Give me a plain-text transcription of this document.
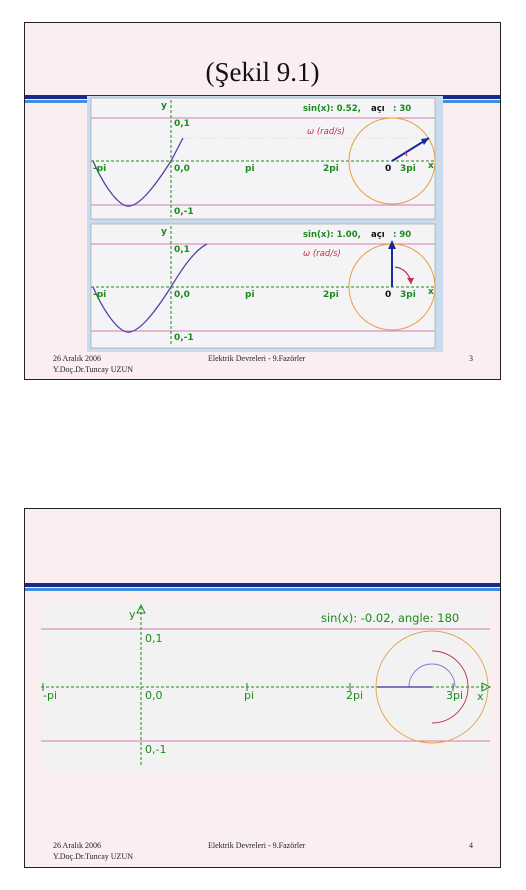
(Şekil 9.1)
y
x
0,1
0,0
0,-1
-pi	pi	2pi	0 3pi
sin(x): 0.52, açı : 30
ω (rad/s)
y
x
0,1
0,0
0,-1
-pi	pi	2pi	0 3pi
sin(x): 1.00, açı : 90
ω (rad/s)
26 Aralık 2006
Y.Doç.Dr.Tuncay UZUN
Elektrik Devreleri - 9.Fazörler	3
y
x
0,1
0,0
0,-1
-pi	pi	2pi	3pi
sin(x): -0.02, angle: 180
26 Aralık 2006
Y.Doç.Dr.Tuncay UZUN
Elektrik Devreleri - 9.Fazörler	4
